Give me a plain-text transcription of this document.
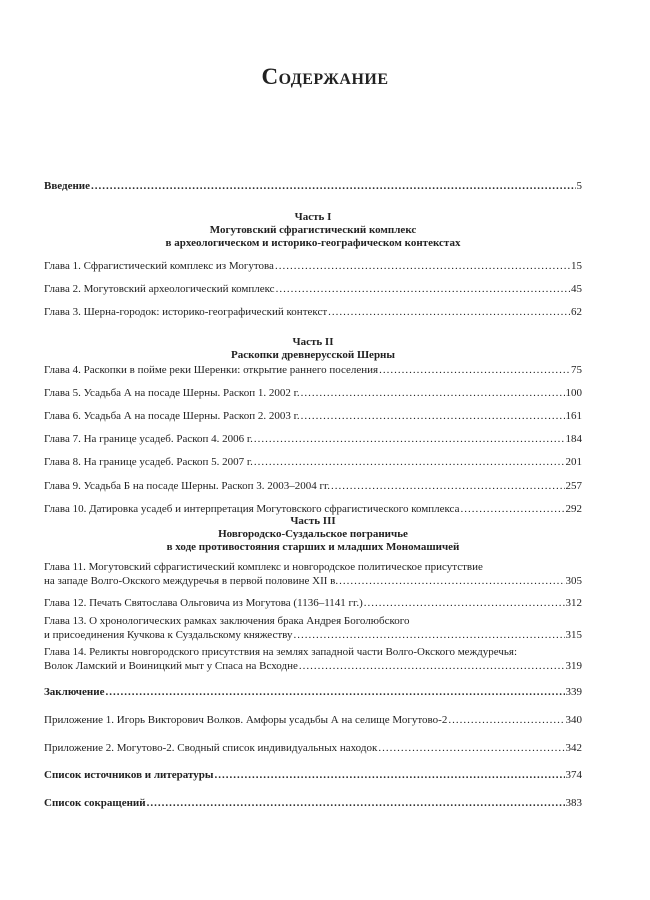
Содержание
Введение .....	5
Часть I
Могутовский сфрагистический комплекс
в археологическом и историко-географическом контекстах
Часть II
Раскопки древнерусской Шерны
Часть III
Новгородско-Суздальское пограничье
в ходе противостояния старших и младших Мономашичей
Глава 1. Сфрагистический комплекс из Могутова .....	15
Глава 2. Могутовский археологический комплекс .....	45
Глава 3. Шерна-городок: историко-географический контекст .....	62
Глава 4. Раскопки в пойме реки Шеренки: открытие раннего поселения .....	75
Глава 5. Усадьба А на посаде Шерны. Раскоп 1. 2002 г. .....	100
Глава 6. Усадьба А на посаде Шерны. Раскоп 2. 2003 г. .....	161
Глава 7. На границе усадеб. Раскоп 4. 2006 г. .....	184
Глава 8. На границе усадеб. Раскоп 5. 2007 г. .....	201
Глава 9. Усадьба Б на посаде Шерны. Раскоп 3. 2003–2004 гг. .....	257
Глава 10. Датировка усадеб и интерпретация Могутовского сфрагистического комплекса .....	292
Глава 11. Могутовский сфрагистический комплекс и новгородское политическое присутствие
на западе Волго-Окского междуречья в первой половине XII в. .....	305
Глава 12. Печать Святослава Ольговича из Могутова (1136–1141 гг.) .....	312
Глава 13. О хронологических рамках заключения брака Андрея Боголюбского
и присоединения Кучкова к Суздальскому княжеству .....	315
Глава 14. Реликты новгородского присутствия на землях западной части Волго-Окского междуречья:
Волок Ламский и Воиницкий мыт у Спаса на Всходне .....	319
Заключение .....	339
Приложение 1. Игорь Викторович Волков. Амфоры усадьбы А на селище Могутово-2 .....	340
Приложение 2. Могутово-2. Сводный список индивидуальных находок .....	342
Список источников и литературы .....	374
Список сокращений .....	383
